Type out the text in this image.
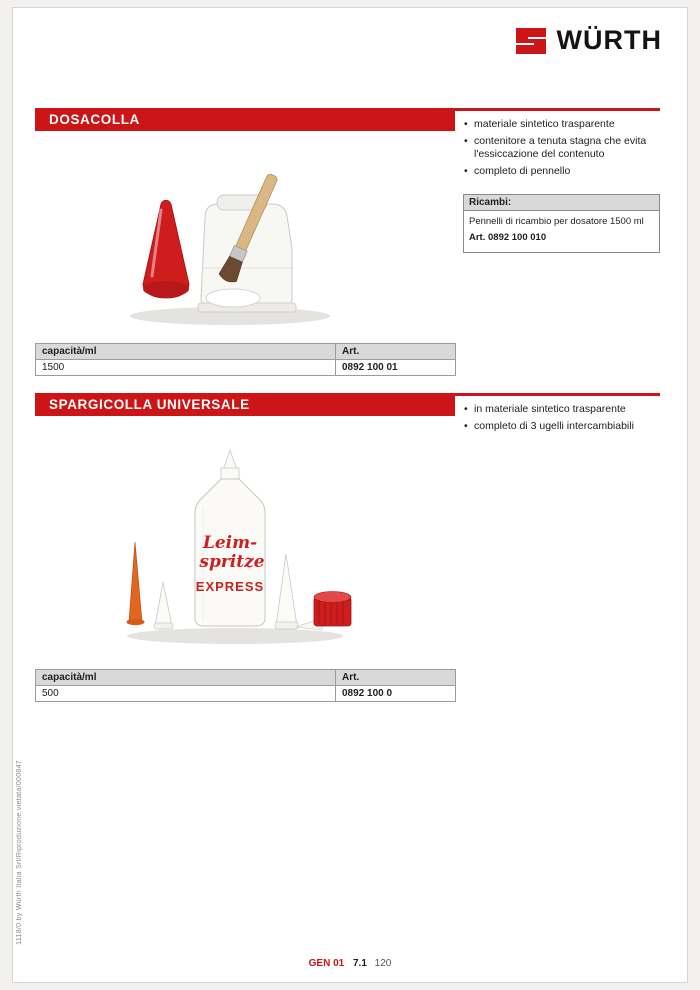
WÜRTH
DOSACOLLA	• materiale sintetico trasparente
• contenitore a tenuta stagna che evita l'essiccazione del contenuto
• completo di pennello
Ricambi:
Pennelli di ricambio per dosatore 1500 ml
Art. 0892 100 010
capacità/ml	Art.
1500	0892 100 01
SPARGICOLLA UNIVERSALE	• in materiale sintetico trasparente
• completo di 3 ugelli intercambiabili
Leim-
spritze
EXPRESS
capacità/ml	Art.
500	0892 100 0
1118/0 by Würth Italia Srl/Riproduzione vietata/000847
GEN 01 7.1 120
